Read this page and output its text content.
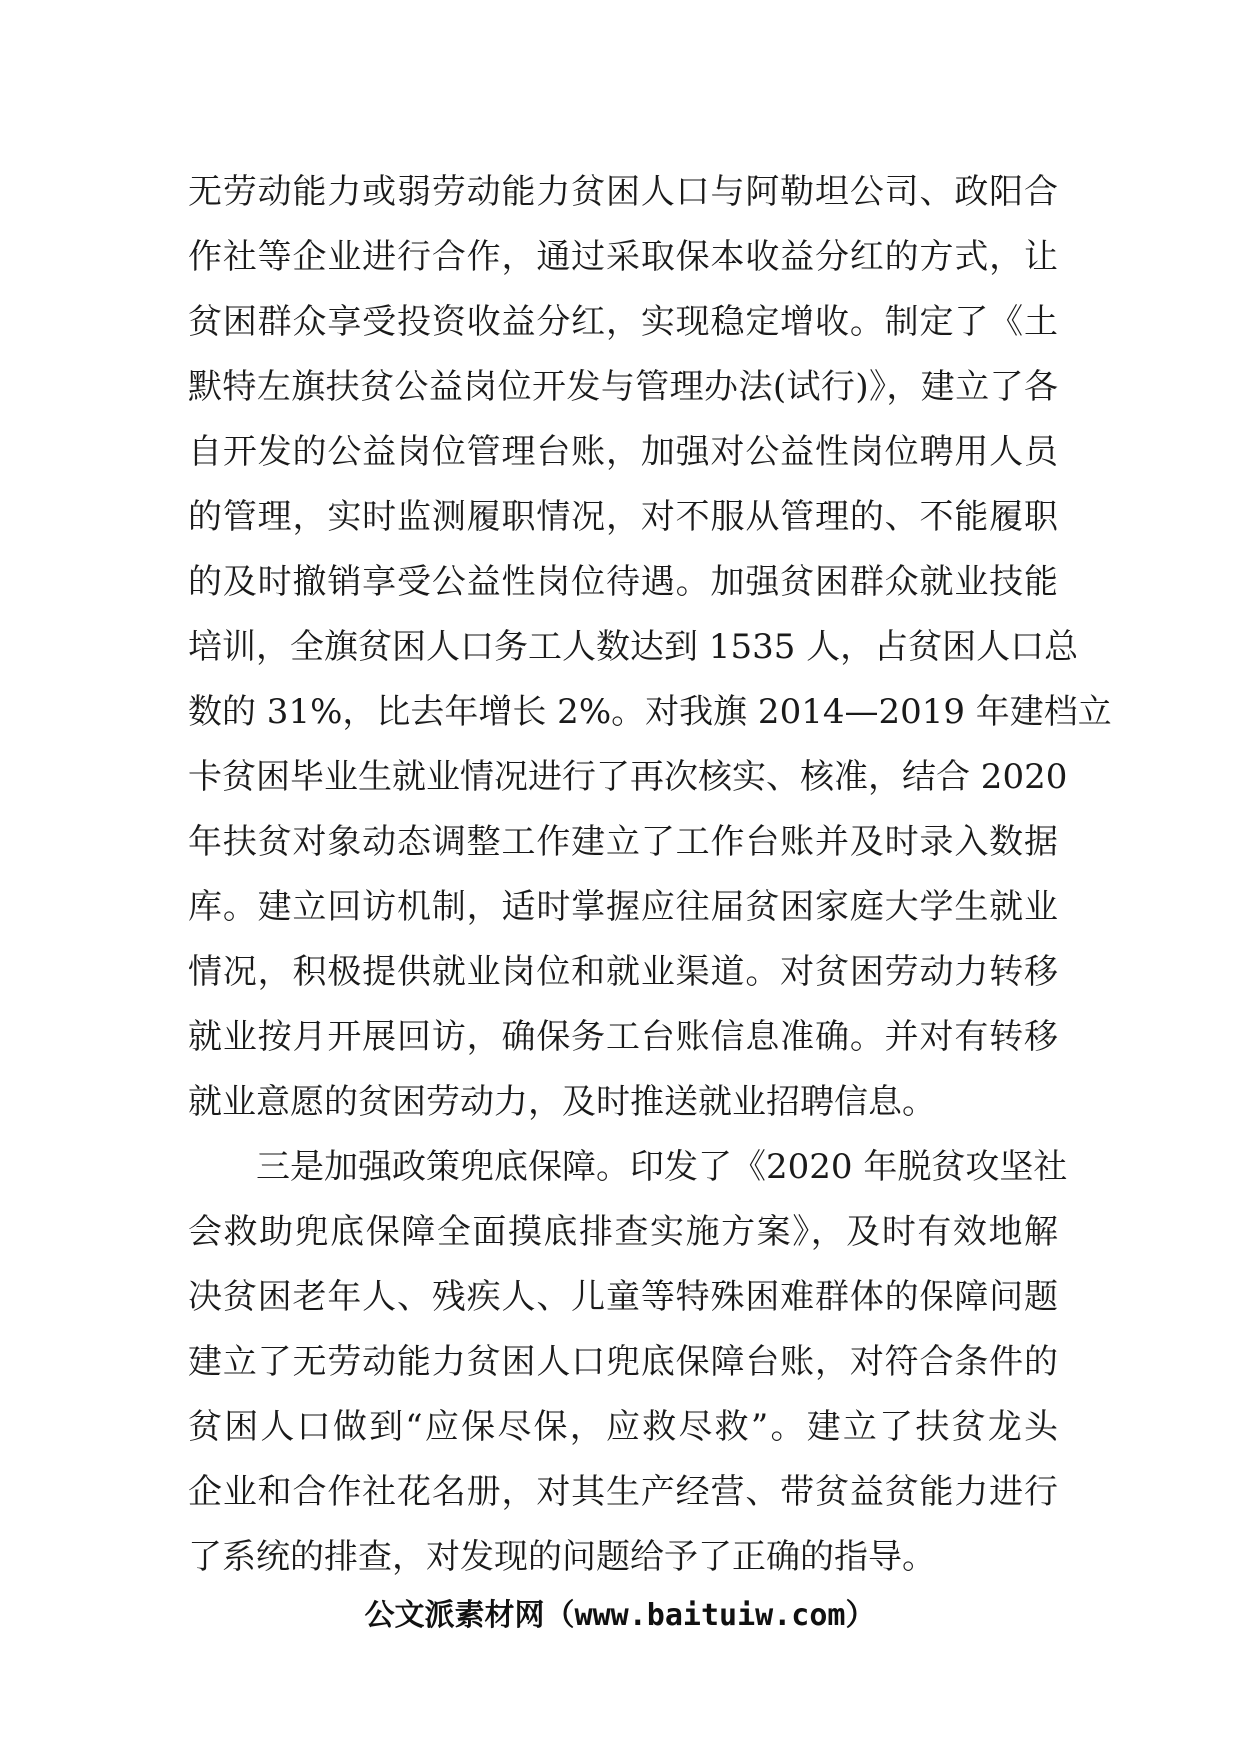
无劳动能力或弱劳动能力贫困人口与阿勒坦公司、政阳合
作社等企业进行合作，通过采取保本收益分红的方式，让
贫困群众享受投资收益分红，实现稳定增收。制定了《土
默特左旗扶贫公益岗位开发与管理办法(试行)》，建立了各
自开发的公益岗位管理台账，加强对公益性岗位聘用人员
的管理，实时监测履职情况，对不服从管理的、不能履职
的及时撤销享受公益性岗位待遇。加强贫困群众就业技能
培训，全旗贫困人口务工人数达到 1535 人，占贫困人口总
数的 31%，比去年增长 2%。对我旗 2014—2019 年建档立
卡贫困毕业生就业情况进行了再次核实、核准，结合 2020
年扶贫对象动态调整工作建立了工作台账并及时录入数据
库。建立回访机制，适时掌握应往届贫困家庭大学生就业
情况，积极提供就业岗位和就业渠道。对贫困劳动力转移
就业按月开展回访，确保务工台账信息准确。并对有转移
就业意愿的贫困劳动力，及时推送就业招聘信息。
三是加强政策兜底保障。印发了《2020 年脱贫攻坚社
会救助兜底保障全面摸底排查实施方案》，及时有效地解
决贫困老年人、残疾人、儿童等特殊困难群体的保障问题
建立了无劳动能力贫困人口兜底保障台账，对符合条件的
贫困人口做到“应保尽保，应救尽救”。建立了扶贫龙头
企业和合作社花名册，对其生产经营、带贫益贫能力进行
了系统的排查，对发现的问题给予了正确的指导。
公文派素材网（www.baituiw.com）
